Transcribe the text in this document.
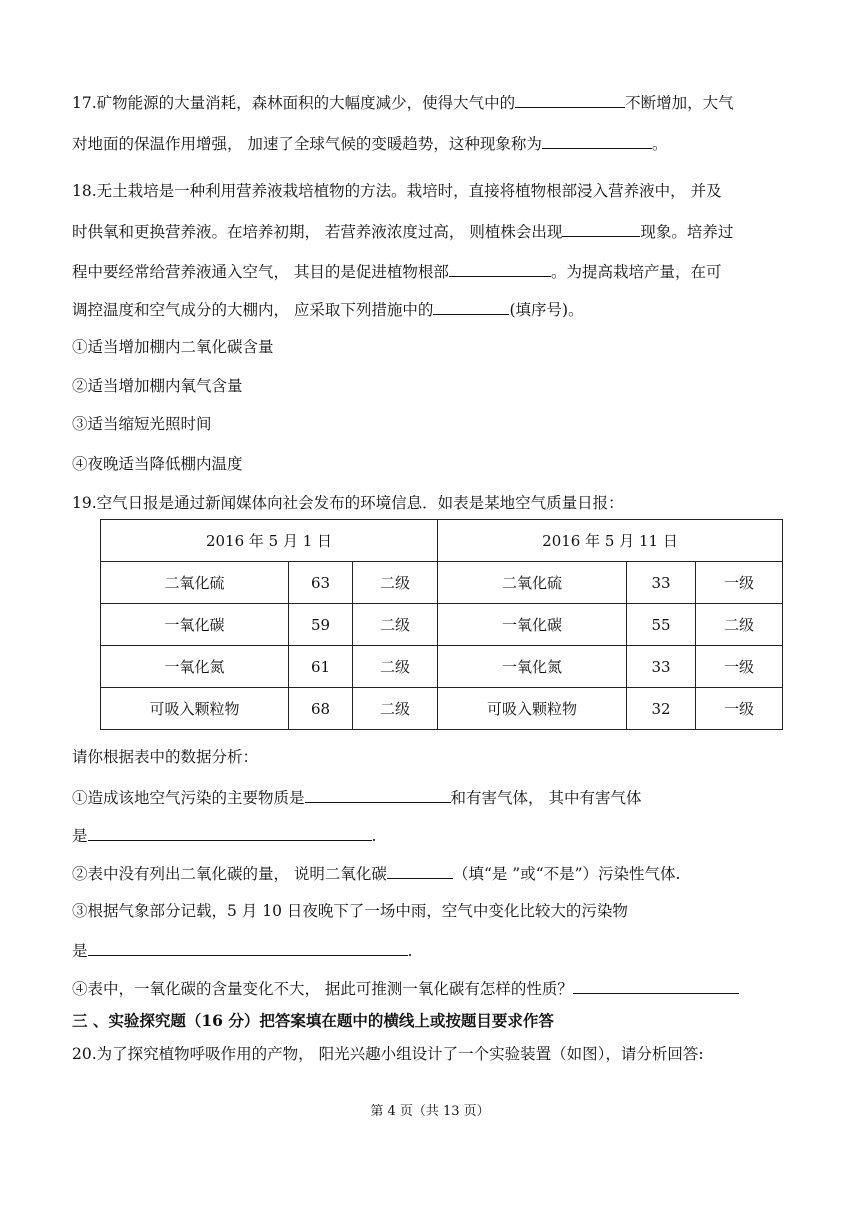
17.矿物能源的大量消耗，森林面积的大幅度减少，使得大气中的	不断增加，大气
对地面的保温作用增强， 加速了全球气候的变暖趋势，这种现象称为	。
18.无土栽培是一种利用营养液栽培植物的方法。栽培时，直接将植物根部浸入营养液中， 并及
时供氧和更换营养液。在培养初期， 若营养液浓度过高， 则植株会出现	现象。培养过
程中要经常给营养液通入空气， 其目的是促进植物根部	。为提高栽培产量，在可
调控温度和空气成分的大棚内， 应采取下列措施中的	(填序号)。
①适当增加棚内二氧化碳含量
②适当增加棚内氧气含量
③适当缩短光照时间
④夜晚适当降低棚内温度
19.空气日报是通过新闻媒体向社会发布的环境信息．如表是某地空气质量日报：
2016 年 5 月 1 日			2016 年 5 月 11 日		
二氧化硫	63	二级	二氧化硫	33	一级
一氧化碳	59	二级	一氧化碳	55	二级
一氧化氮	61	二级	一氧化氮	33	一级
可吸入颗粒物	68	二级	可吸入颗粒物	32	一级
请你根据表中的数据分析：
①造成该地空气污染的主要物质是	和有害气体， 其中有害气体
是	.
②表中没有列出二氧化碳的量， 说明二氧化碳	（填“是 ”或“不是”）污染性气体.
③根据气象部分记载，5 月 10 日夜晚下了一场中雨，空气中变化比较大的污染物
是	.
④表中，一氧化碳的含量变化不大， 据此可推测一氧化碳有怎样的性质？
三 、实验探究题（16 分）把答案填在题中的横线上或按题目要求作答
20.为了探究植物呼吸作用的产物， 阳光兴趣小组设计了一个实验装置（如图），请分析回答:
第 4 页（共 13 页）
